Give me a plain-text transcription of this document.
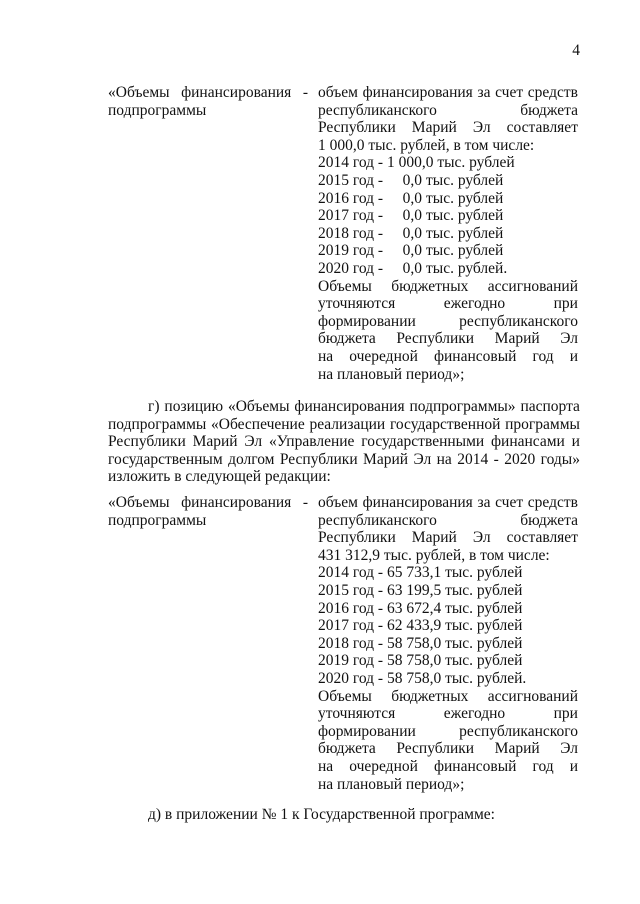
4
«Объемы финансирования -
подпрограммы
объем финансирования за счет средств
республиканского	бюджета
Республики Марий Эл составляет
1 000,0 тыс. рублей, в том числе:
2014 год - 1 000,0 тыс. рублей
2015 год -	0,0 тыс. рублей
2016 год -	0,0 тыс. рублей
2017 год -	0,0 тыс. рублей
2018 год -	0,0 тыс. рублей
2019 год -	0,0 тыс. рублей
2020 год -	0,0 тыс. рублей.
Объемы бюджетных ассигнований
уточняются	ежегодно	при
формировании	республиканского
бюджета Республики Марий Эл
на очередной финансовый год и
на плановый период»;
г) позицию «Объемы финансирования подпрограммы» паспорта
подпрограммы «Обеспечение реализации государственной программы
Республики Марий Эл «Управление государственными финансами и
государственным долгом Республики Марий Эл на 2014 - 2020 годы»
изложить в следующей редакции:
«Объемы финансирования -
подпрограммы
объем финансирования за счет средств
республиканского	бюджета
Республики Марий Эл составляет
431 312,9 тыс. рублей, в том числе:
2014 год - 65 733,1 тыс. рублей
2015 год - 63 199,5 тыс. рублей
2016 год - 63 672,4 тыс. рублей
2017 год - 62 433,9 тыс. рублей
2018 год - 58 758,0 тыс. рублей
2019 год - 58 758,0 тыс. рублей
2020 год - 58 758,0 тыс. рублей.
Объемы бюджетных ассигнований
уточняются	ежегодно	при
формировании	республиканского
бюджета Республики Марий Эл
на очередной финансовый год и
на плановый период»;
д) в приложении № 1 к Государственной программе:
